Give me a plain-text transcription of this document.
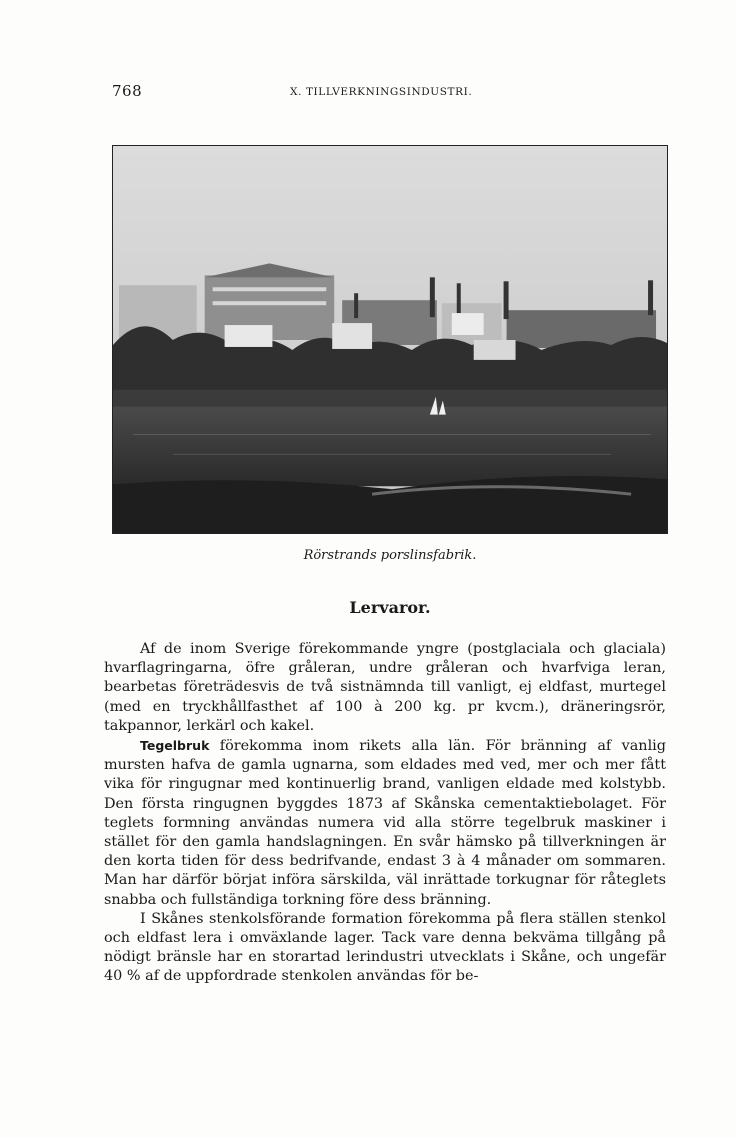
768	X. TILLVERKNINGSINDUSTRI.
Rörstrands porslinsfabrik.
Lervaror.

Af de inom Sverige förekommande yngre (postglaciala och glaciala) hvarflagringarna, öfre gråleran, undre gråleran och hvarfviga leran, bearbetas företrädesvis de två sistnämnda till vanligt, ej eldfast, murtegel (med en tryckhållfasthet af 100 à 200 kg. pr kvcm.), dräneringsrör, takpannor, lerkärl och kakel.

Tegelbruk förekomma inom rikets alla län. För bränning af vanlig mursten hafva de gamla ugnarna, som eldades med ved, mer och mer fått vika för ringugnar med kontinuerlig brand, vanligen eldade med kolstybb. Den första ringugnen byggdes 1873 af Skånska cementaktiebolaget. För teglets formning användas numera vid alla större tegelbruk maskiner i stället för den gamla handslagningen. En svår hämsko på tillverkningen är den korta tiden för dess bedrifvande, endast 3 à 4 månader om sommaren. Man har därför börjat införa särskilda, väl inrättade torkugnar för råteglets snabba och fullständiga torkning före dess bränning.

I Skånes stenkolsförande formation förekomma på flera ställen stenkol och eldfast lera i omväxlande lager. Tack vare denna bekväma tillgång på nödigt bränsle har en storartad lerindustri utvecklats i Skåne, och ungefär 40 % af de uppfordrade stenkolen användas för be-
